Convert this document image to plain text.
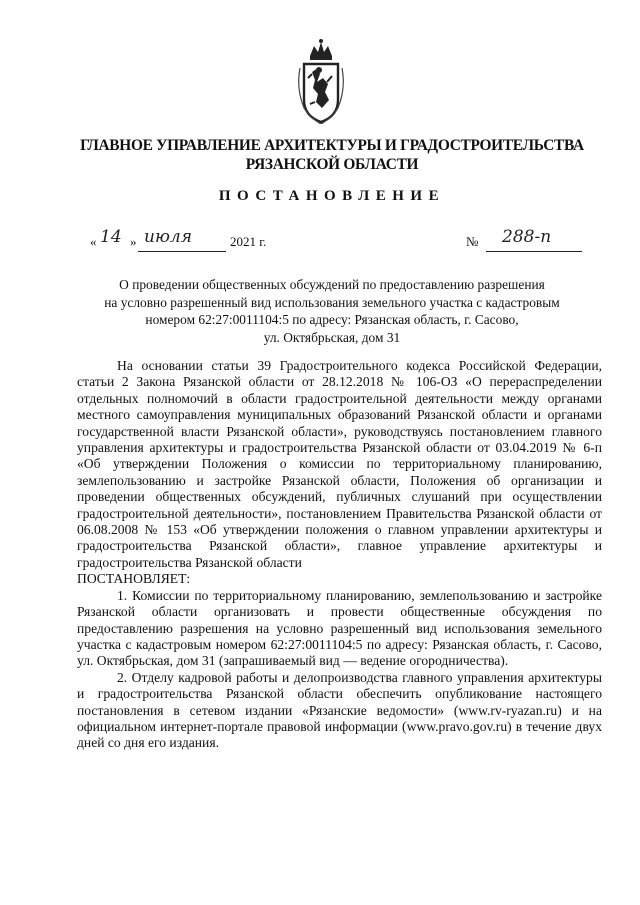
ГЛАВНОЕ УПРАВЛЕНИЕ АРХИТЕКТУРЫ И ГРАДОСТРОИТЕЛЬСТВА
РЯЗАНСКОЙ ОБЛАСТИ
ПОСТАНОВЛЕНИЕ
« 14 » июля	2021 г.	№ 288-п
О проведении общественных обсуждений по предоставлению разрешения
на условно разрешенный вид использования земельного участка с кадастровым
номером 62:27:0011104:5 по адресу: Рязанская область, г. Сасово,
ул. Октябрьская, дом 31

На основании статьи 39 Градостроительного кодекса Российской Федерации, статьи 2 Закона Рязанской области от 28.12.2018 № 106-ОЗ «О перераспределении отдельных полномочий в области градостроительной деятельности между органами местного самоуправления муниципальных образований Рязанской области и органами государственной власти Рязанской области», руководствуясь постановлением главного управления архитектуры и градостроительства Рязанской области от 03.04.2019 № 6-п «Об утверждении Положения о комиссии по территориальному планированию, землепользованию и застройке Рязанской области, Положения об организации и проведении общественных обсуждений, публичных слушаний при осуществлении градостроительной деятельности», постановлением Правительства Рязанской области от 06.08.2008 № 153 «Об утверждении положения о главном управлении архитектуры и градостроительства Рязанской области», главное управление архитектуры и градостроительства Рязанской области

ПОСТАНОВЛЯЕТ:

1. Комиссии по территориальному планированию, землепользованию и застройке Рязанской области организовать и провести общественные обсуждения по предоставлению разрешения на условно разрешенный вид использования земельного участка с кадастровым номером 62:27:0011104:5 по адресу: Рязанская область, г. Сасово, ул. Октябрьская, дом 31 (запрашиваемый вид — ведение огородничества).

2. Отделу кадровой работы и делопроизводства главного управления архитектуры и градостроительства Рязанской области обеспечить опубликование настоящего постановления в сетевом издании «Рязанские ведомости» (www.rv-ryazan.ru) и на официальном интернет-портале правовой информации (www.pravo.gov.ru) в течение двух дней со дня его издания.
